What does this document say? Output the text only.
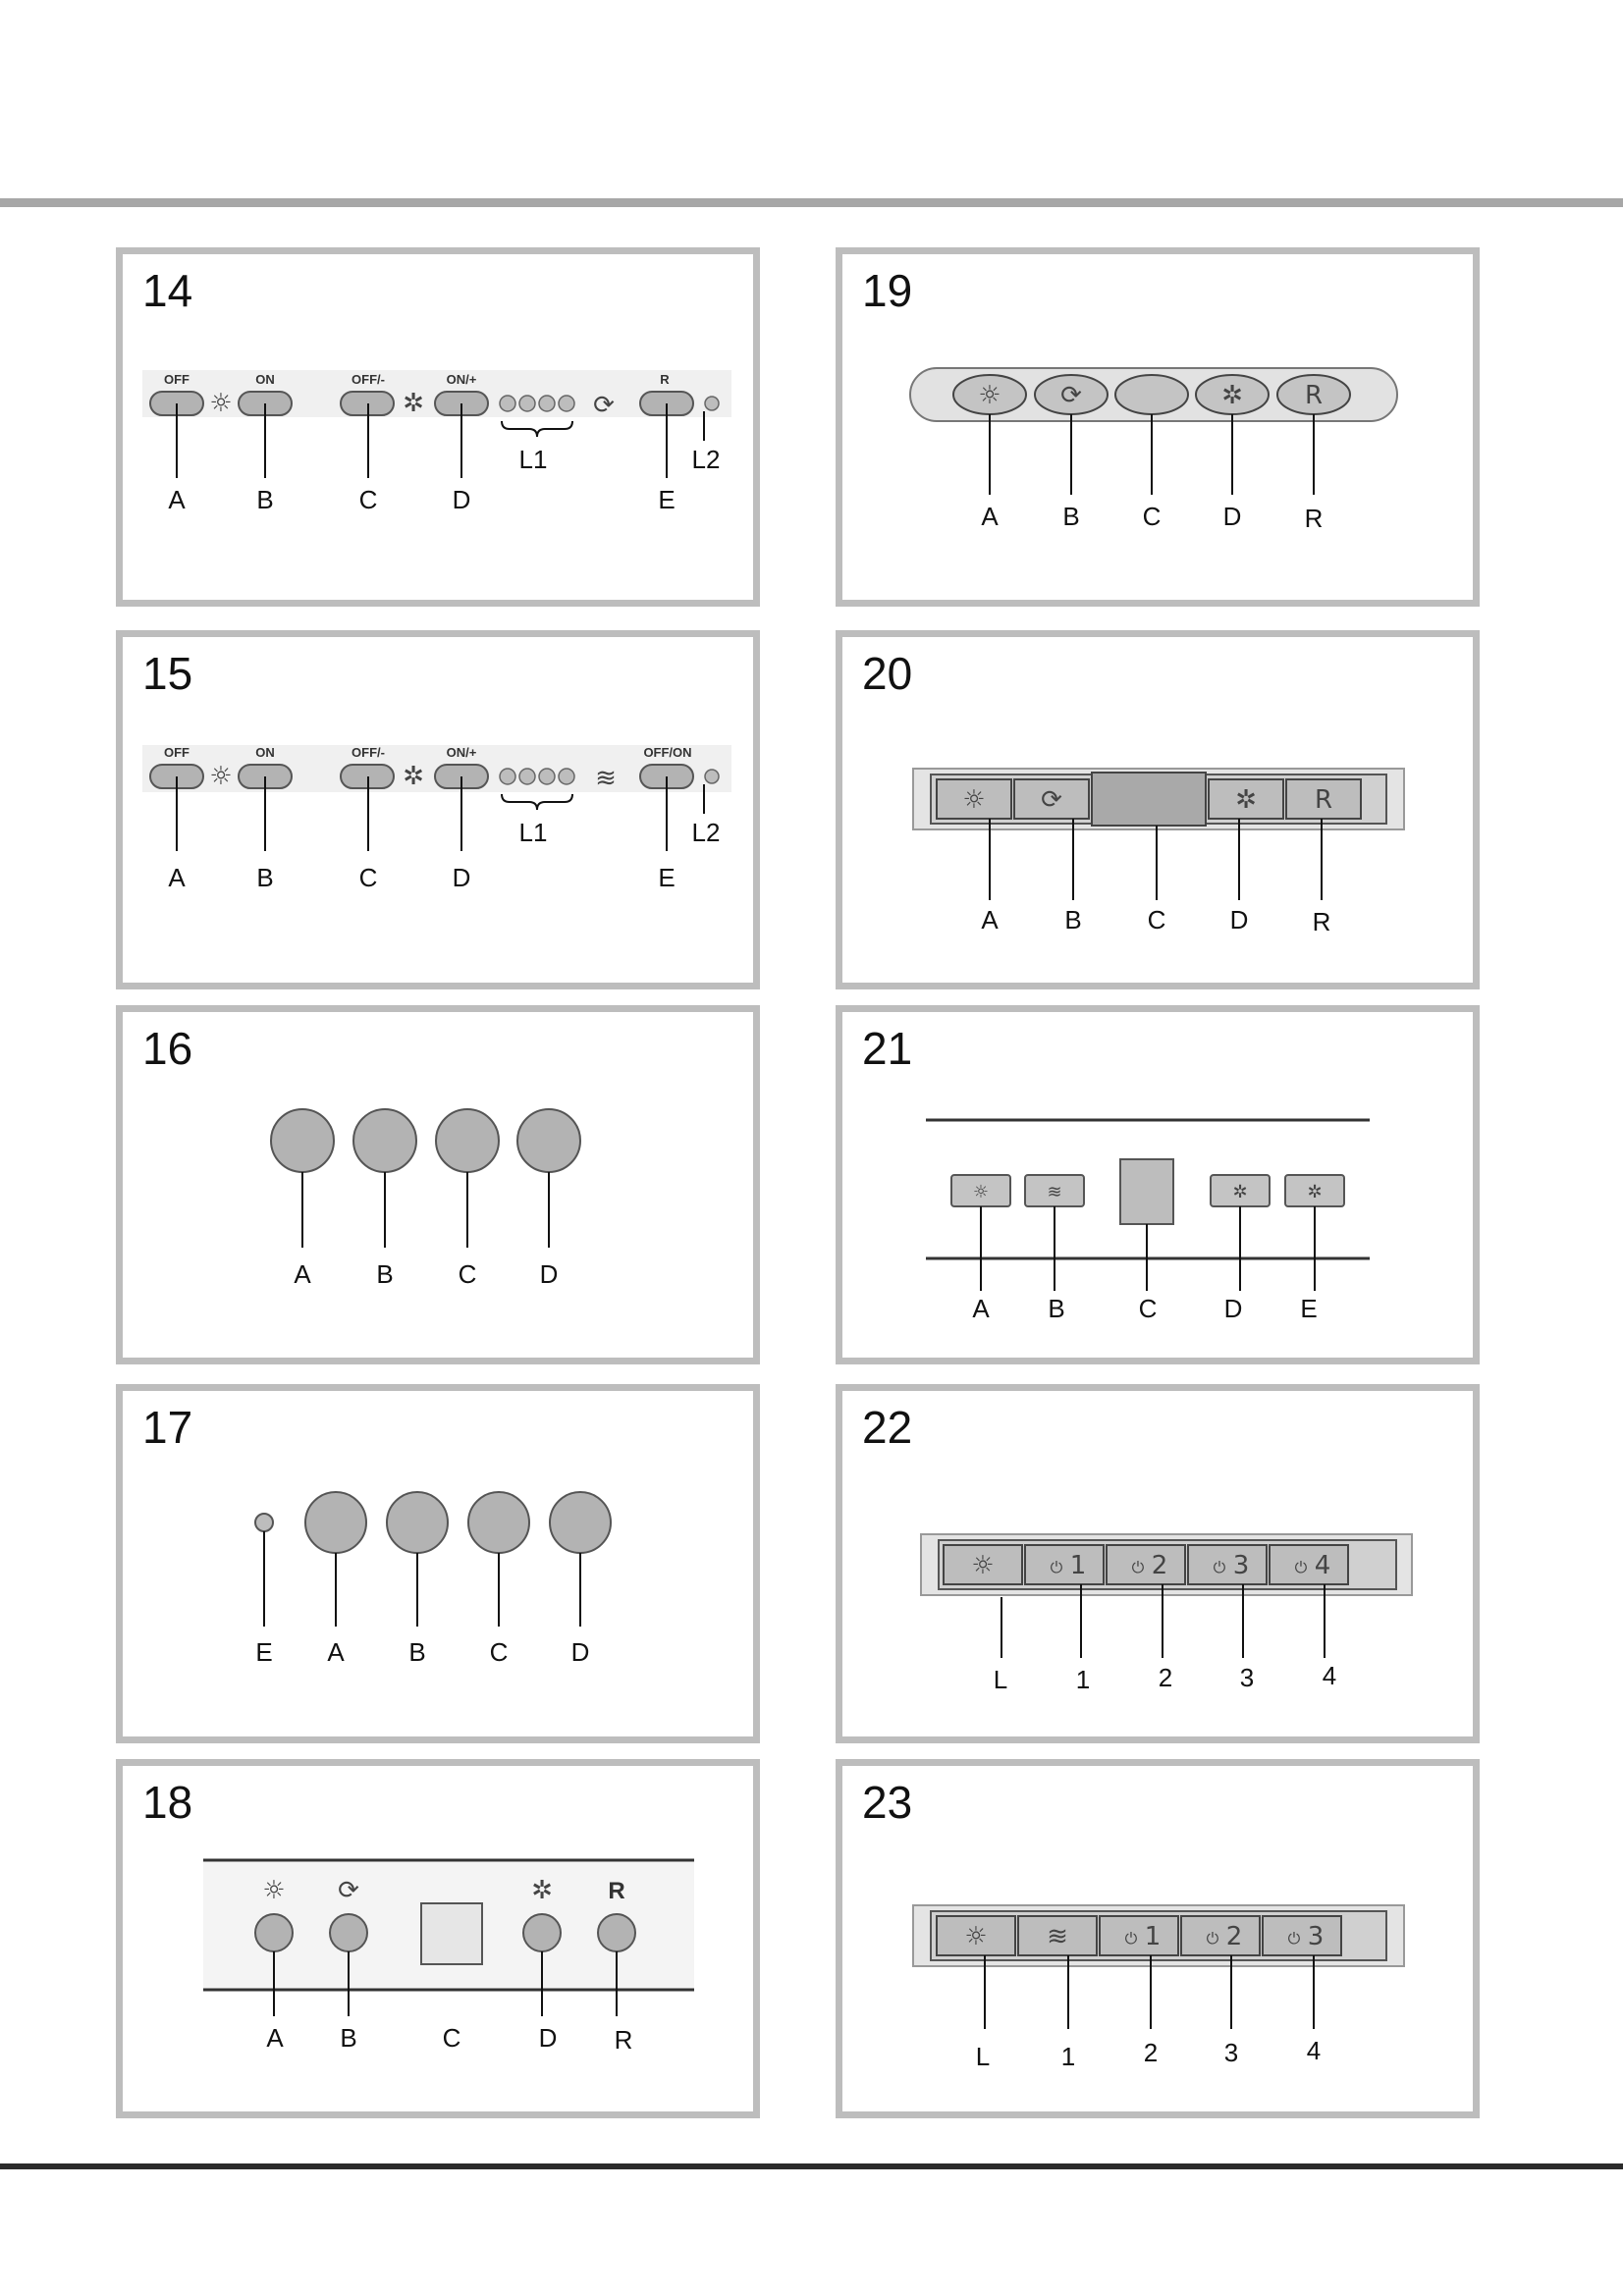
14
OFF	ON	OFF/-	ON/+	R
☼	✲	⟳
A	B	C	D	E
L1	L2
15
OFF	ON	OFF/-	ON/+	OFF/ON
☼	✲	≋
A	B	C	D	E
L1	L2
16
A	B	C D
17
E A	B C D
18
☼ ⟳	✲ R
A B	C	D R
19
☼ ⟳	✲ R
A	B C D R
20
☼ ⟳	✲ R
A	B	C	D	R
21
☼	≋	✲	✲
A B	C	D E
22
☼	⏻ 1	⏻ 2	⏻ 3	⏻ 4
L	1	2	3	4
23
☼ ≋	⏻ 1	⏻ 2	⏻ 3
L	1	2	3	4
